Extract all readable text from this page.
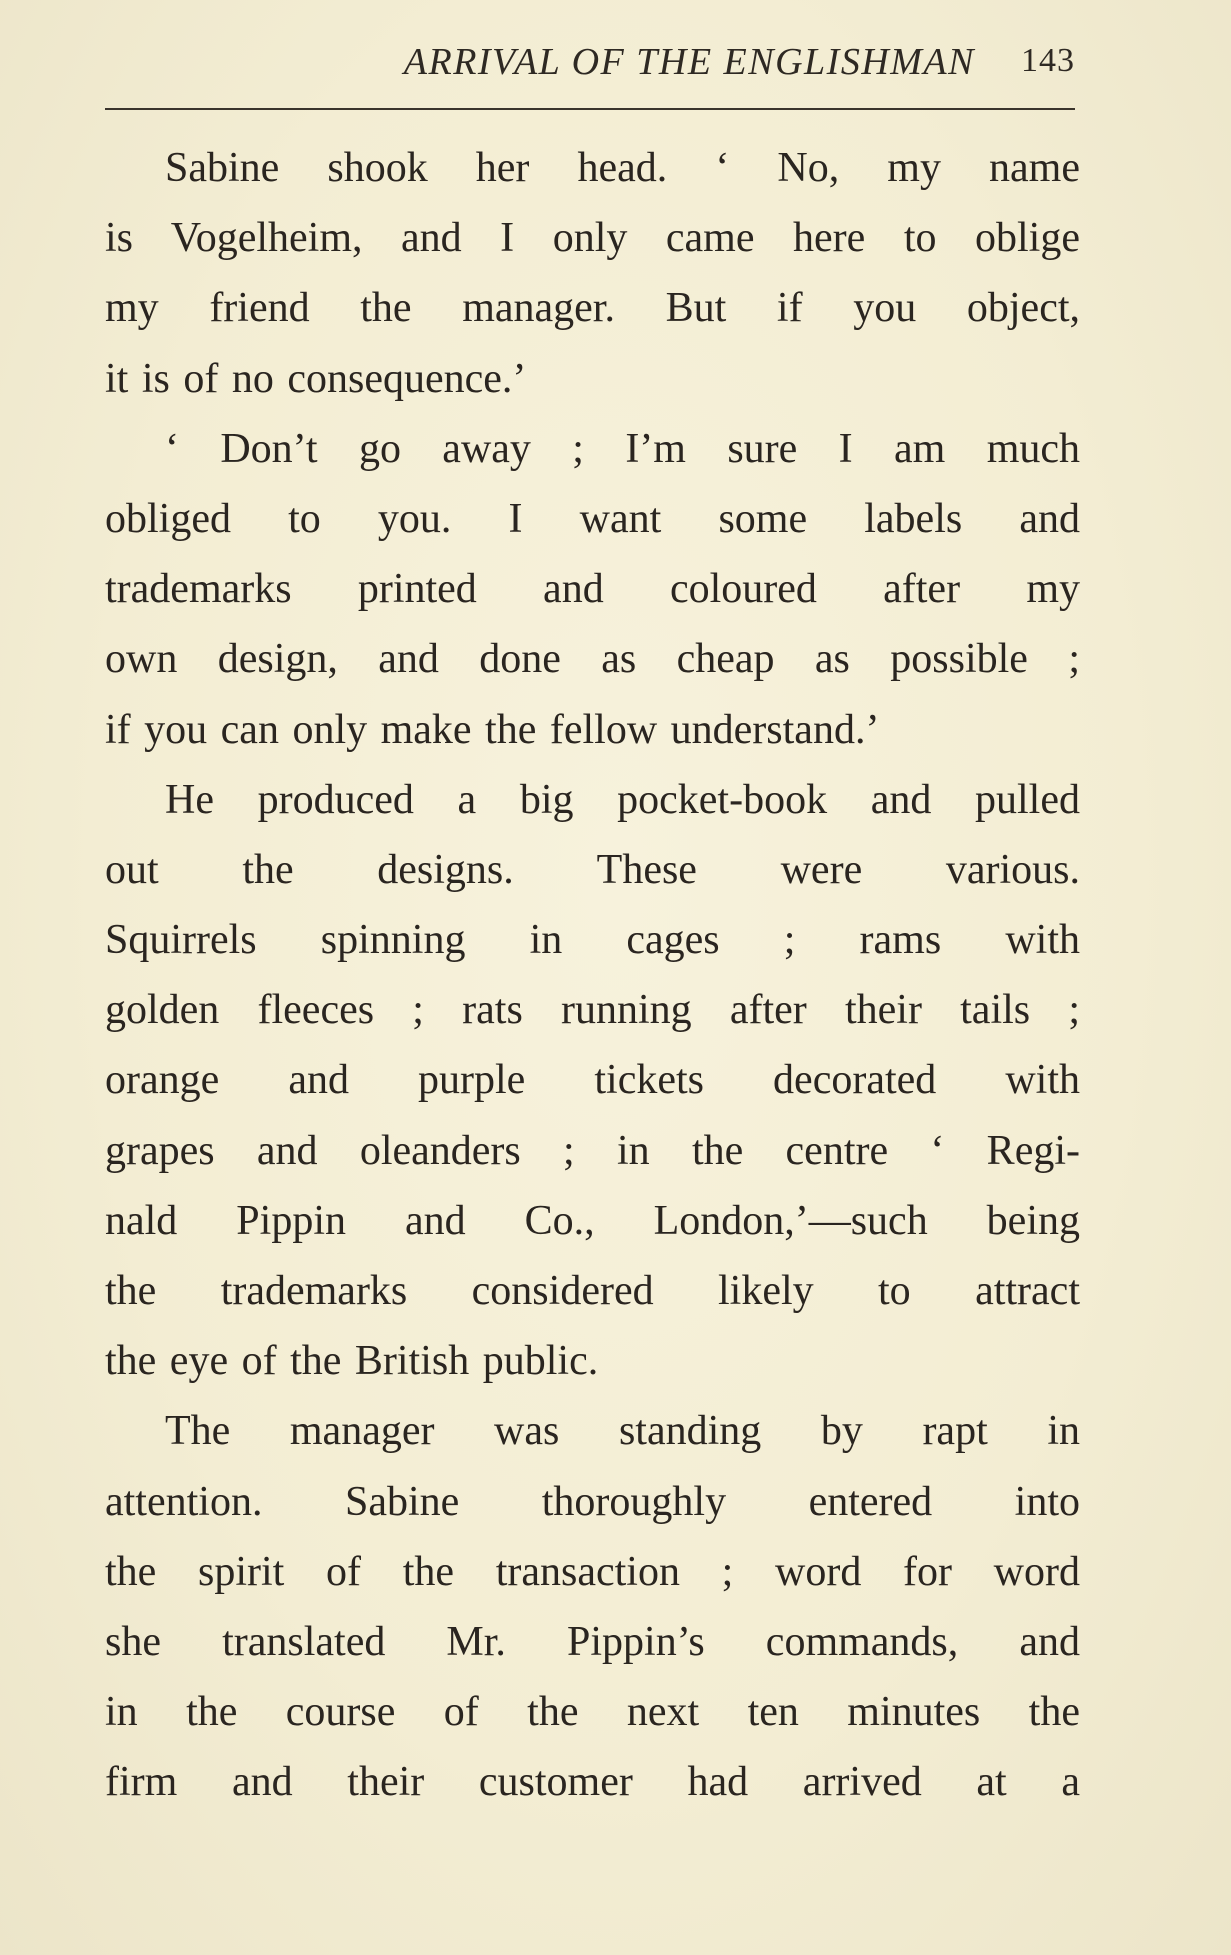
ARRIVAL OF THE ENGLISHMAN 143
Sabine shook her head. ‘ No, my name
is Vogelheim, and I only came here to oblige
my friend the manager. But if you object,
it is of no consequence.’
‘ Don’t go away ; I’m sure I am much
obliged to you. I want some labels and
trademarks printed and coloured after my
own design, and done as cheap as possible ;
if you can only make the fellow understand.’
He produced a big pocket-book and pulled
out the designs. These were various.
Squirrels spinning in cages ; rams with
golden fleeces ; rats running after their tails ;
orange and purple tickets decorated with
grapes and oleanders ; in the centre ‘ Regi-
nald Pippin and Co., London,’—such being
the trademarks considered likely to attract
the eye of the British public.
The manager was standing by rapt in
attention. Sabine thoroughly entered into
the spirit of the transaction ; word for word
she translated Mr. Pippin’s commands, and
in the course of the next ten minutes the
firm and their customer had arrived at a
